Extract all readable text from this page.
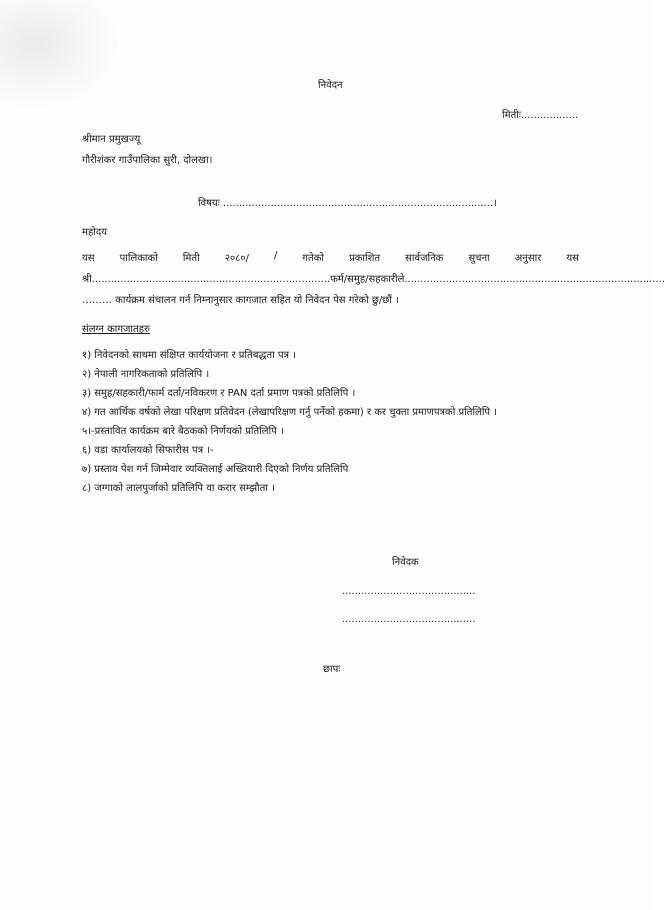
निवेदन
मितीः..................
श्रीमान प्रमुखज्यू
गौरीशंकर गाउँपालिका सुरी, दोलखा।
विषयः .....................................................................................।
महोदय
यस	पालिकाको	मिती	२०८०/	/	गतेको	प्रकाशित	सार्वजनिक	सुचना	अनुसार	यस
श्री...........................................................................फर्म/समुह/सहकारीले..................................................................................
……… कार्यक्रम संचालन गर्न निम्नानुसार कागजात सहित यो निवेदन पेस गरेको छु/छौं ।
संलग्न कागजातहरु
१) निवेदनको साथमा संक्षिप्त कार्ययोजना र प्रतिबद्धता पत्र ।
२) नेपाली नागरिकताको प्रतिलिपि ।
३) समुह/सहकारी/फार्म दर्ता/नविकरण र PAN दर्ता प्रमाण पत्रको प्रतिलिपि ।
४) गत आर्थिक वर्षको लेखा परिक्षण प्रतिवेदन (लेखापरिक्षण गर्नु पर्नेको हकमा) र कर चुक्ता प्रमाणपत्रको प्रतिलिपि ।
५।-प्रस्तावित कार्यक्रम बारे बैठकको निर्णयको प्रतिलिपि ।
६) वडा कार्यालयको सिफारीस पत्र ।-
७) प्रस्ताव पेश गर्न जिम्मेवार व्यक्तिलाई अख्तियारी दिएको निर्णय प्रतिलिपि
८) जग्गाको लालपुर्जाको प्रतिलिपि वा करार सम्झौता ।
निवेदक
..........................................
..........................................
छापः
